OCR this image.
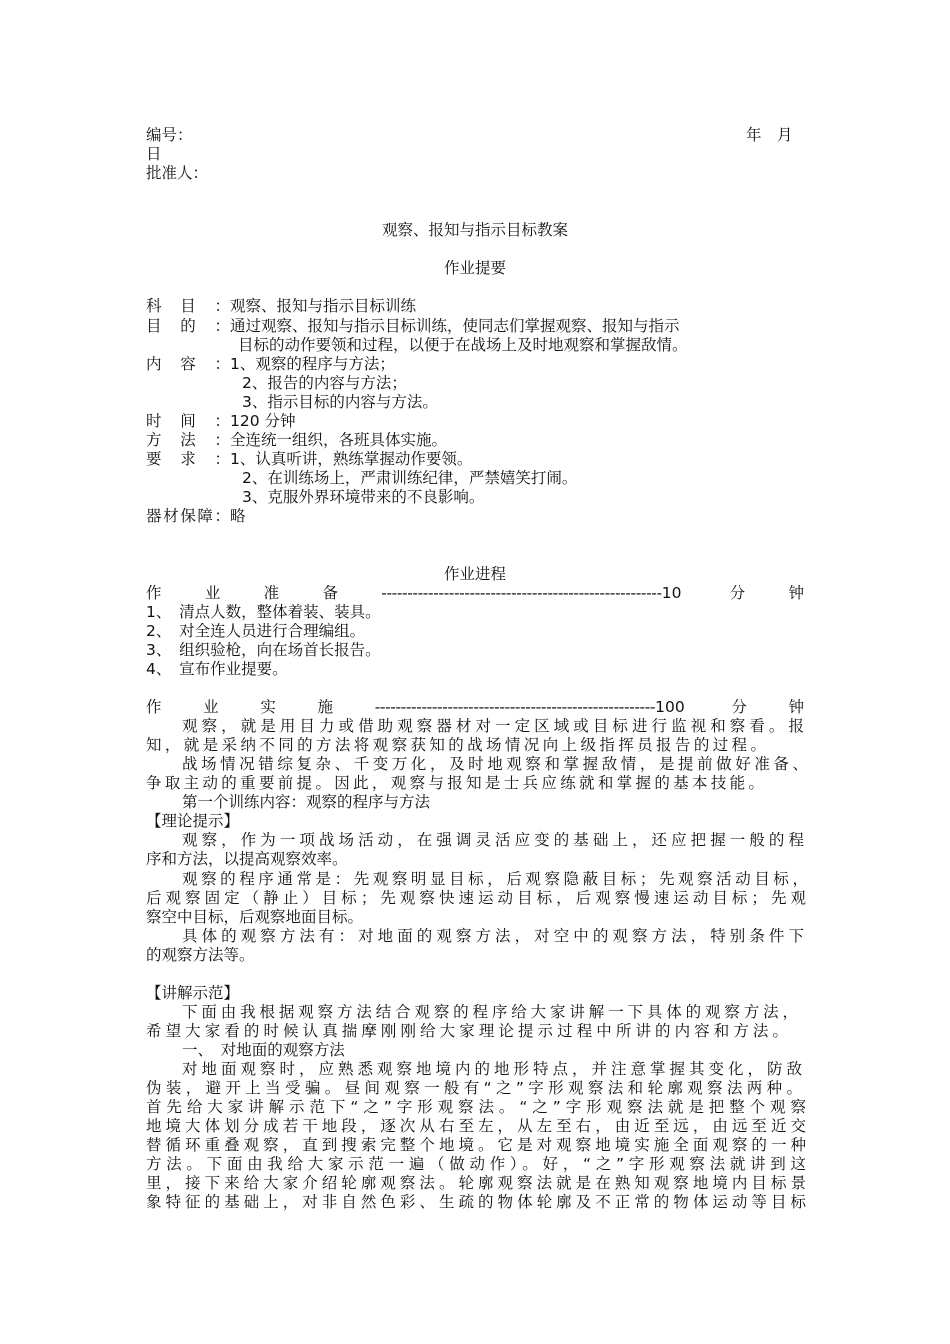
编号：	年　月
日
批准人：
观察、报知与指示目标教案
作业提要
科目：观察、报知与指示目标训练
目的：通过观察、报知与指示目标训练，使同志们掌握观察、报知与指示
目标的动作要领和过程，以便于在战场上及时地观察和掌握敌情。
内容：1、观察的程序与方法；
2、报告的内容与方法；
3、指示目标的内容与方法。
时间：120 分钟
方法：全连统一组织，各班具体实施。
要求：1、认真听讲，熟练掌握动作要领。
2、在训练场上，严肃训练纪律，严禁嬉笑打闹。
3、克服外界环境带来的不良影响。
器材保障：略
作业进程
作业准备------------------------------------------------------10 分钟
1、　清点人数，整体着装、装具。
2、　对全连人员进行合理编组。
3、　组织验枪，向在场首长报告。
4、　宣布作业提要。
作业实施------------------------------------------------------100 分钟
观察，就是用目力或借助观察器材对一定区域或目标进行监视和察看。报
知，就是采纳不同的方法将观察获知的战场情况向上级指挥员报告的过程。
战场情况错综复杂、千变万化，及时地观察和掌握敌情，是提前做好准备、
争取主动的重要前提。因此，观察与报知是士兵应练就和掌握的基本技能。
第一个训练内容：观察的程序与方法
【理论提示】
观察，作为一项战场活动，在强调灵活应变的基础上，还应把握一般的程
序和方法，以提高观察效率。
观察的程序通常是：先观察明显目标，后观察隐蔽目标；先观察活动目标，
后观察固定（静止）目标；先观察快速运动目标，后观察慢速运动目标；先观
察空中目标，后观察地面目标。
具体的观察方法有：对地面的观察方法，对空中的观察方法，特别条件下
的观察方法等。
【讲解示范】
下面由我根据观察方法结合观察的程序给大家讲解一下具体的观察方法，
希望大家看的时候认真揣摩刚刚给大家理论提示过程中所讲的内容和方法。
一、　对地面的观察方法
对地面观察时，应熟悉观察地境内的地形特点，并注意掌握其变化，防敌
伪装，避开上当受骗。昼间观察一般有“之”字形观察法和轮廓观察法两种。
首先给大家讲解示范下“之”字形观察法。“之”字形观察法就是把整个观察
地境大体划分成若干地段，逐次从右至左，从左至右，由近至远，由远至近交
替循环重叠观察，直到搜索完整个地境。它是对观察地境实施全面观察的一种
方法。下面由我给大家示范一遍（做动作）。好，“之”字形观察法就讲到这
里，接下来给大家介绍轮廓观察法。轮廓观察法就是在熟知观察地境内目标景
象特征的基础上，对非自然色彩、生疏的物体轮廓及不正常的物体运动等目标
